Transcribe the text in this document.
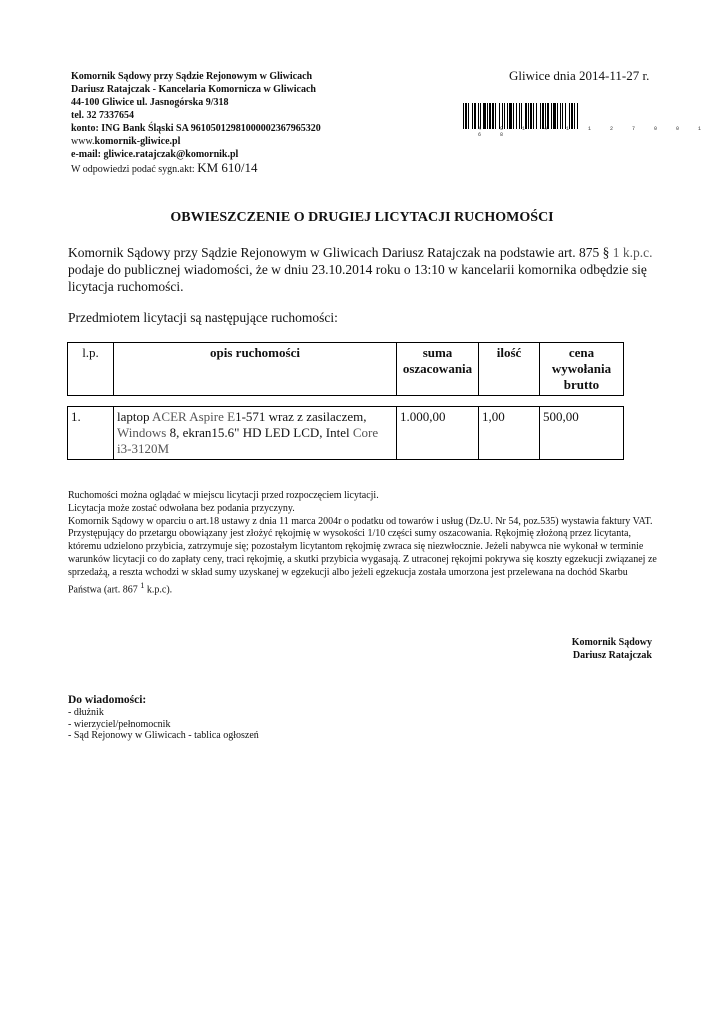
Komornik Sądowy przy Sądzie Rejonowym w Gliwicach
Dariusz Ratajczak - Kancelaria Komornicza w Gliwicach
44-100 Gliwice ul. Jasnogórska 9/318
tel. 32 7337654
konto: ING Bank Śląski SA 96105012981000002367965320
www.komornik-gliwice.pl
e-mail: gliwice.ratajczak@komornik.pl
W odpowiedzi podać sygn.akt: KM 610/14
Gliwice dnia 2014-11-27 r.
4 9 1 4 1 1 2 7 0 0 1 6 8
OBWIESZCZENIE O DRUGIEJ LICYTACJI RUCHOMOŚCI
Komornik Sądowy przy Sądzie Rejonowym w Gliwicach Dariusz Ratajczak na podstawie art. 875 § 1 k.p.c. podaje do publicznej wiadomości, że w dniu 23.10.2014 roku o 13:10 w kancelarii komornika odbędzie się licytacja ruchomości.
Przedmiotem licytacji są następujące ruchomości:
l.p.	opis ruchomości	suma oszacowania	ilość	cena wywołania brutto
1.	laptop ACER Aspire E1-571 wraz z zasilaczem, Windows 8, ekran15.6" HD LED LCD, Intel Core i3-3120M	1.000,00	1,00	500,00
Ruchomości można oglądać w miejscu licytacji przed rozpoczęciem licytacji.
Licytacja może zostać odwołana bez podania przyczyny.
Komornik Sądowy w oparciu o art.18 ustawy z dnia 11 marca 2004r o podatku od towarów i usług (Dz.U. Nr 54, poz.535) wystawia faktury VAT.
Przystępujący do przetargu obowiązany jest złożyć rękojmię w wysokości 1/10 części sumy oszacowania. Rękojmię złożoną przez licytanta, któremu udzielono przybicia, zatrzymuje się; pozostałym licytantom rękojmię zwraca się niezwłocznie. Jeżeli nabywca nie wykonał w terminie warunków licytacji co do zapłaty ceny, traci rękojmię, a skutki przybicia wygasają. Z utraconej rękojmi pokrywa się koszty egzekucji związanej ze sprzedażą, a reszta wchodzi w skład sumy uzyskanej w egzekucji albo jeżeli egzekucja została umorzona jest przelewana na dochód Skarbu Państwa (art. 867 $^1$ k.p.c).
Komornik Sądowy
Dariusz Ratajczak
Do wiadomości:
- dłużnik
- wierzyciel/pełnomocnik
- Sąd Rejonowy w Gliwicach - tablica ogłoszeń
